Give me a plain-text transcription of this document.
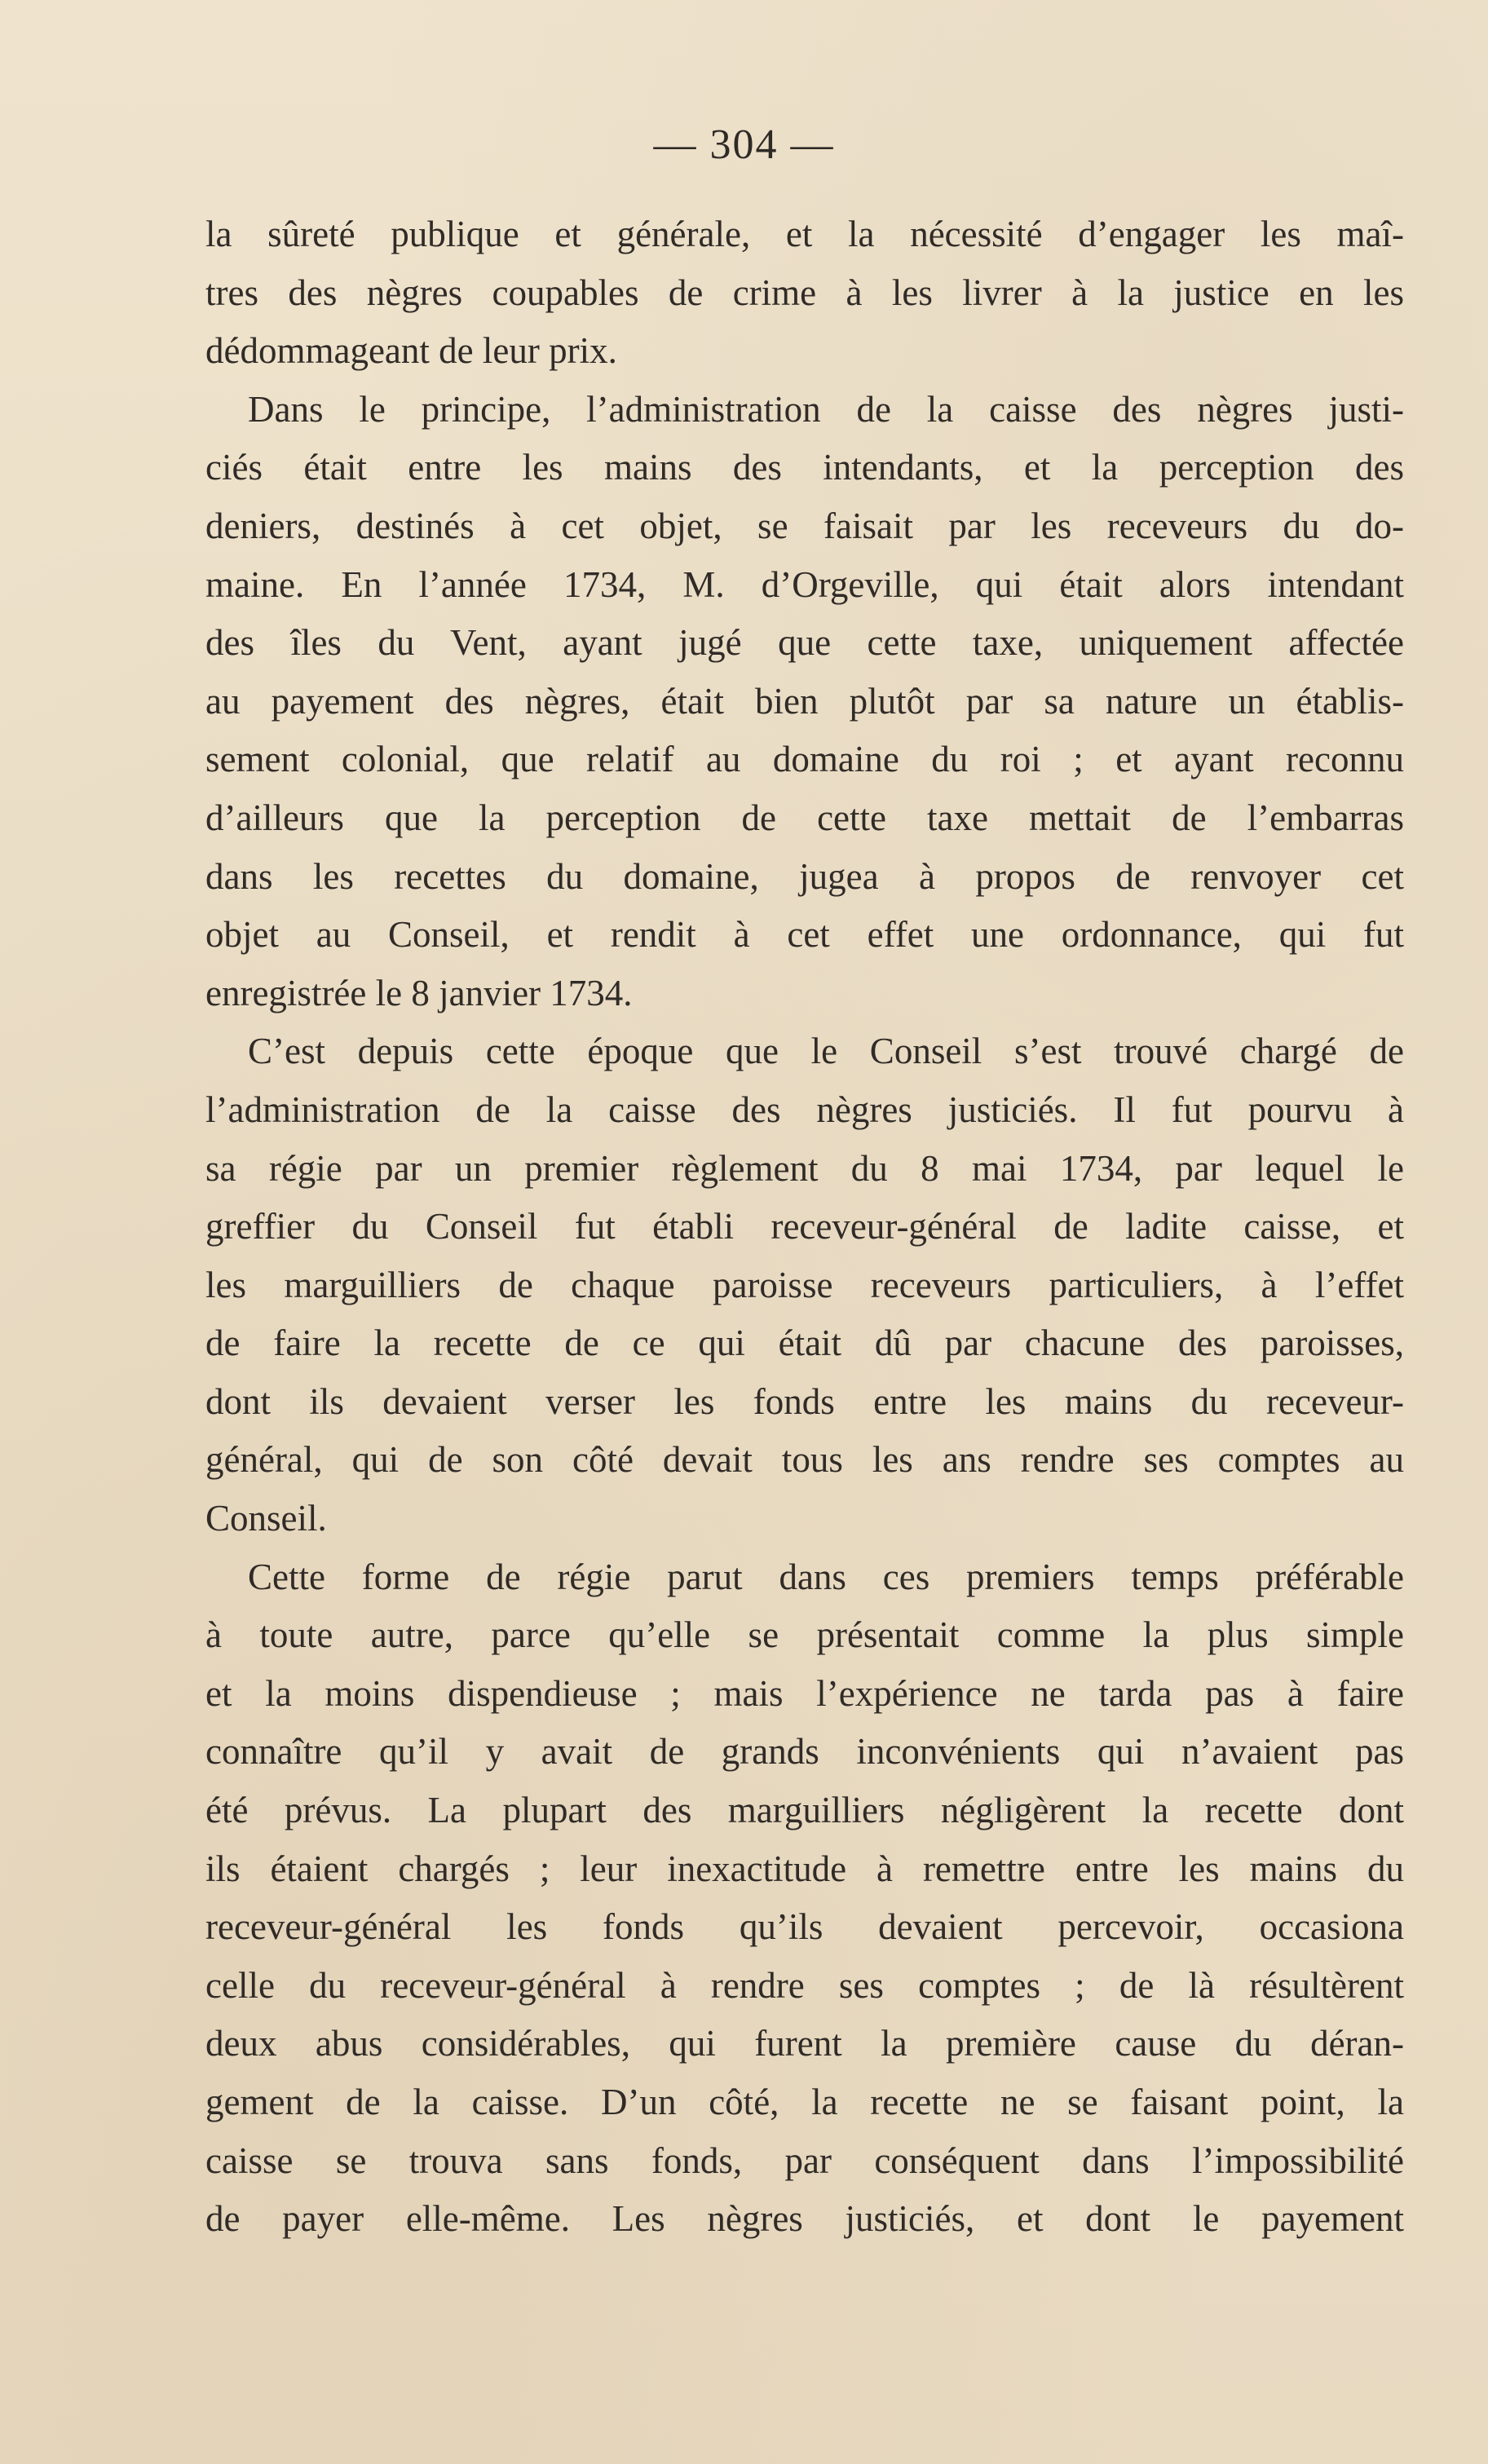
— 304 —
la sûreté publique et générale, et la nécessité d’engager les maî-
tres des nègres coupables de crime à les livrer à la justice en les
dédommageant de leur prix.
Dans le principe, l’administration de la caisse des nègres justi-
ciés était entre les mains des intendants, et la perception des
deniers, destinés à cet objet, se faisait par les receveurs du do-
maine. En l’année 1734, M. d’Orgeville, qui était alors intendant
des îles du Vent, ayant jugé que cette taxe, uniquement affectée
au payement des nègres, était bien plutôt par sa nature un établis-
sement colonial, que relatif au domaine du roi ; et ayant reconnu
d’ailleurs que la perception de cette taxe mettait de l’embarras
dans les recettes du domaine, jugea à propos de renvoyer cet
objet au Conseil, et rendit à cet effet une ordonnance, qui fut
enregistrée le 8 janvier 1734.
C’est depuis cette époque que le Conseil s’est trouvé chargé de
l’administration de la caisse des nègres justiciés. Il fut pourvu à
sa régie par un premier règlement du 8 mai 1734, par lequel le
greffier du Conseil fut établi receveur-général de ladite caisse, et
les marguilliers de chaque paroisse receveurs particuliers, à l’effet
de faire la recette de ce qui était dû par chacune des paroisses,
dont ils devaient verser les fonds entre les mains du receveur-
général, qui de son côté devait tous les ans rendre ses comptes au
Conseil.
Cette forme de régie parut dans ces premiers temps préférable
à toute autre, parce qu’elle se présentait comme la plus simple
et la moins dispendieuse ; mais l’expérience ne tarda pas à faire
connaître qu’il y avait de grands inconvénients qui n’avaient pas
été prévus. La plupart des marguilliers négligèrent la recette dont
ils étaient chargés ; leur inexactitude à remettre entre les mains du
receveur-général les fonds qu’ils devaient percevoir, occasiona
celle du receveur-général à rendre ses comptes ; de là résultèrent
deux abus considérables, qui furent la première cause du déran-
gement de la caisse. D’un côté, la recette ne se faisant point, la
caisse se trouva sans fonds, par conséquent dans l’impossibilité
de payer elle-même. Les nègres justiciés, et dont le payement
